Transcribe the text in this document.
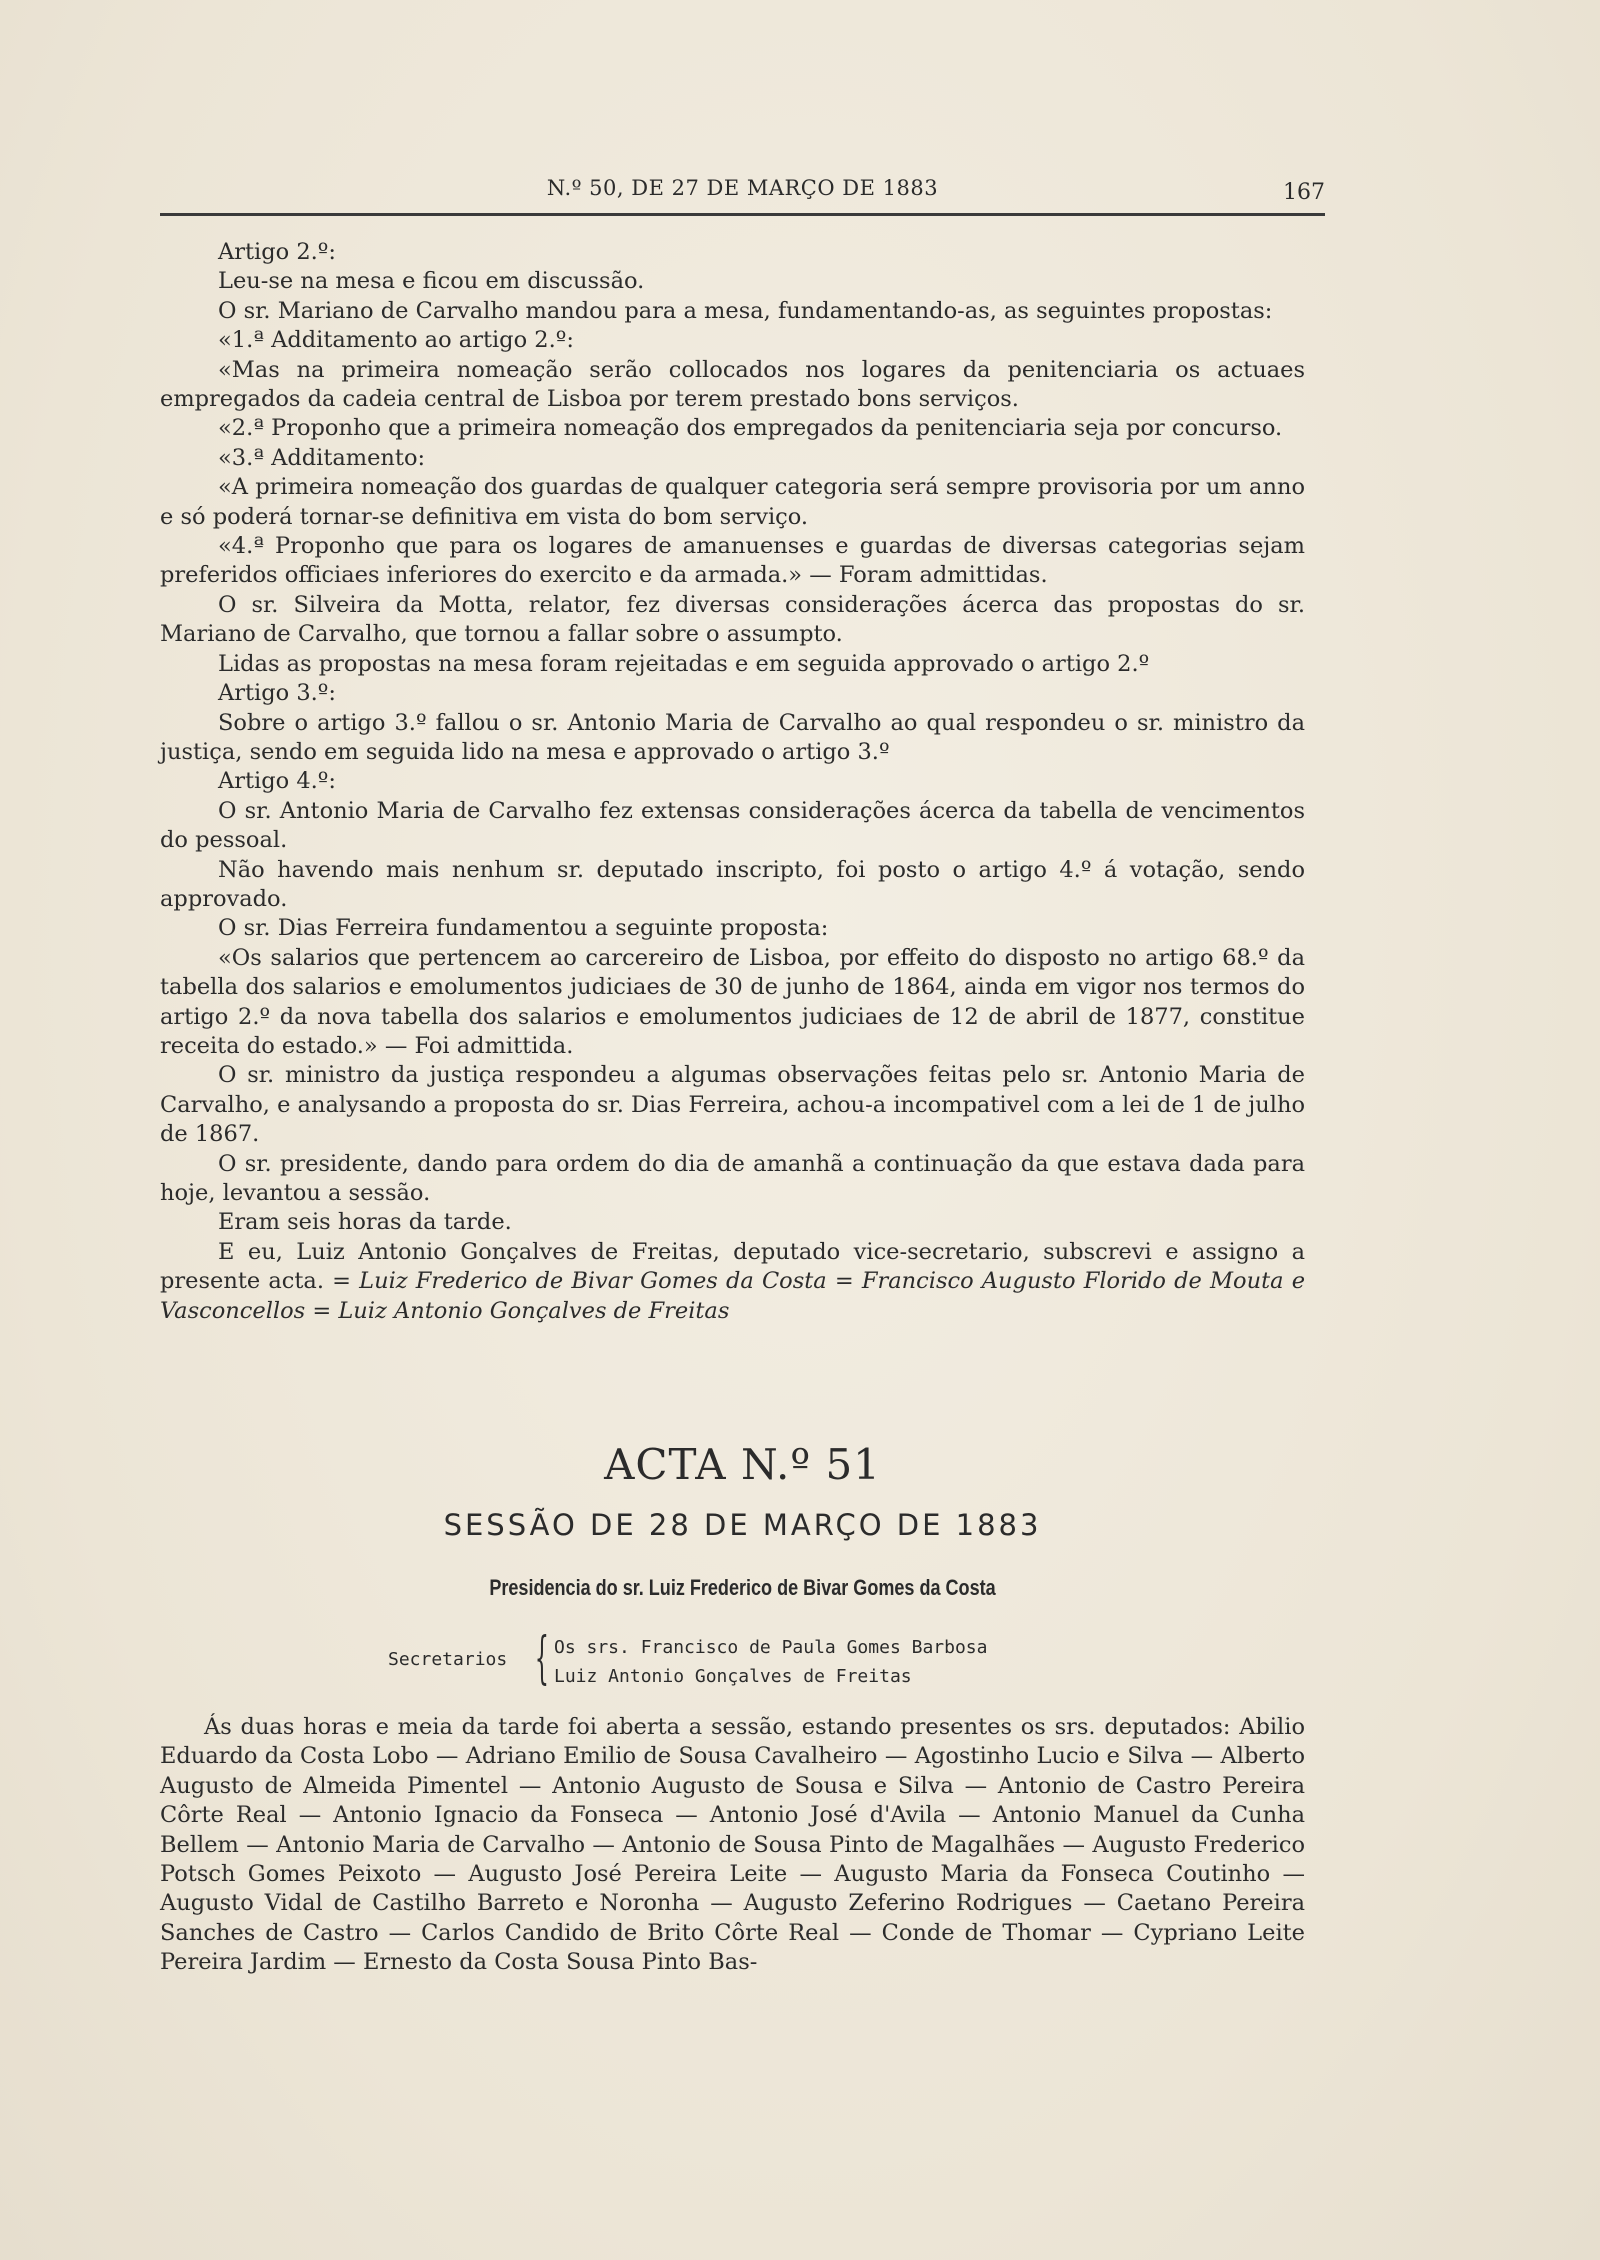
N.º 50, DE 27 DE MARÇO DE 1883	167

Artigo 2.º:

Leu-se na mesa e ficou em discussão.

O sr. Mariano de Carvalho mandou para a mesa, fundamentando-as, as seguintes propostas:

«1.ª Additamento ao artigo 2.º:

«Mas na primeira nomeação serão collocados nos logares da penitenciaria os actuaes empregados da cadeia central de Lisboa por terem prestado bons serviços.

«2.ª Proponho que a primeira nomeação dos empregados da penitenciaria seja por concurso.

«3.ª Additamento:

«A primeira nomeação dos guardas de qualquer categoria será sempre provisoria por um anno e só poderá tornar-se definitiva em vista do bom serviço.

«4.ª Proponho que para os logares de amanuenses e guardas de diversas categorias sejam preferidos officiaes inferiores do exercito e da armada.» — Foram admittidas.

O sr. Silveira da Motta, relator, fez diversas considerações ácerca das propostas do sr. Mariano de Carvalho, que tornou a fallar sobre o assumpto.

Lidas as propostas na mesa foram rejeitadas e em seguida approvado o artigo 2.º

Artigo 3.º:

Sobre o artigo 3.º fallou o sr. Antonio Maria de Carvalho ao qual respondeu o sr. ministro da justiça, sendo em seguida lido na mesa e approvado o artigo 3.º

Artigo 4.º:

O sr. Antonio Maria de Carvalho fez extensas considerações ácerca da tabella de vencimentos do pessoal.

Não havendo mais nenhum sr. deputado inscripto, foi posto o artigo 4.º á votação, sendo approvado.

O sr. Dias Ferreira fundamentou a seguinte proposta:

«Os salarios que pertencem ao carcereiro de Lisboa, por effeito do disposto no artigo 68.º da tabella dos salarios e emolumentos judiciaes de 30 de junho de 1864, ainda em vigor nos termos do artigo 2.º da nova tabella dos salarios e emolumentos judiciaes de 12 de abril de 1877, constitue receita do estado.» — Foi admittida.

O sr. ministro da justiça respondeu a algumas observações feitas pelo sr. Antonio Maria de Carvalho, e analysando a proposta do sr. Dias Ferreira, achou-a incompativel com a lei de 1 de julho de 1867.

O sr. presidente, dando para ordem do dia de amanhã a continuação da que estava dada para hoje, levantou a sessão.

Eram seis horas da tarde.

E eu, Luiz Antonio Gonçalves de Freitas, deputado vice-secretario, subscrevi e assigno a presente acta. = Luiz Frederico de Bivar Gomes da Costa = Francisco Augusto Florido de Mouta e Vasconcellos = Luiz Antonio Gonçalves de Freitas

ACTA N.º 51
SESSÃO DE 28 DE MARÇO DE 1883
Presidencia do sr. Luiz Frederico de Bivar Gomes da Costa
Secretarios { Os srs. Francisco de Paula Gomes Barbosa
Luiz Antonio Gonçalves de Freitas

Ás duas horas e meia da tarde foi aberta a sessão, estando presentes os srs. deputados: Abilio Eduardo da Costa Lobo — Adriano Emilio de Sousa Cavalheiro — Agostinho Lucio e Silva — Alberto Augusto de Almeida Pimentel — Antonio Augusto de Sousa e Silva — Antonio de Castro Pereira Côrte Real — Antonio Ignacio da Fonseca — Antonio José d'Avila — Antonio Manuel da Cunha Bellem — Antonio Maria de Carvalho — Antonio de Sousa Pinto de Magalhães — Augusto Frederico Potsch Gomes Peixoto — Augusto José Pereira Leite — Augusto Maria da Fonseca Coutinho — Augusto Vidal de Castilho Barreto e Noronha — Augusto Zeferino Rodrigues — Caetano Pereira Sanches de Castro — Carlos Candido de Brito Côrte Real — Conde de Thomar — Cypriano Leite Pereira Jardim — Ernesto da Costa Sousa Pinto Bas-
